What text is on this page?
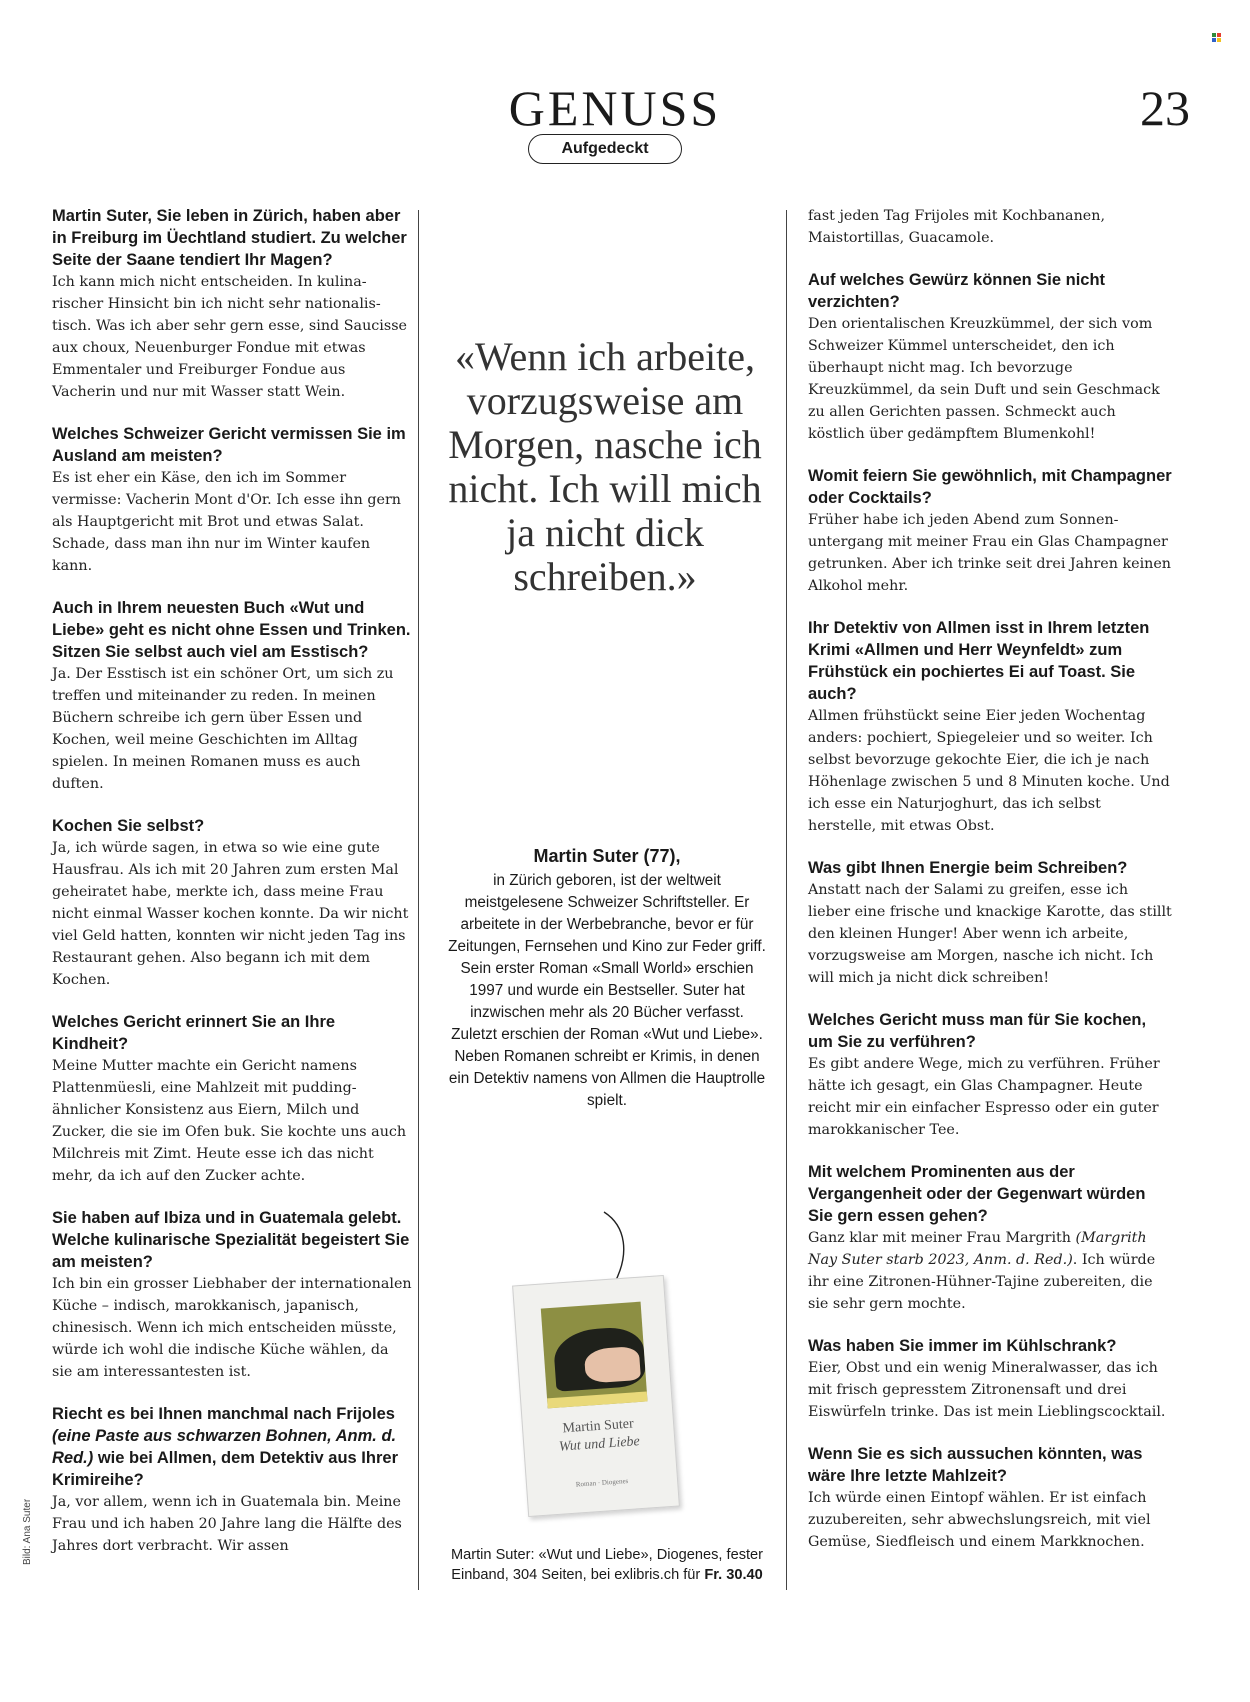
GENUSS
Aufgedeckt
23

Martin Suter, Sie leben in Zürich, haben aber in Freiburg im Üechtland studiert. Zu welcher Seite der Saane tendiert Ihr Magen?

Ich kann mich nicht entscheiden. In kulinarischer Hinsicht bin ich nicht sehr nationalistisch. Was ich aber sehr gern esse, sind Saucisse aux choux, Neuenburger Fondue mit etwas Emmentaler und Freiburger Fondue aus Vacherin und nur mit Wasser statt Wein.

Welches Schweizer Gericht vermissen Sie im Ausland am meisten?

Es ist eher ein Käse, den ich im Sommer vermisse: Vacherin Mont d'Or. Ich esse ihn gern als Hauptgericht mit Brot und etwas Salat. Schade, dass man ihn nur im Winter kaufen kann.

Auch in Ihrem neuesten Buch «Wut und Liebe» geht es nicht ohne Essen und Trinken. Sitzen Sie selbst auch viel am Esstisch?

Ja. Der Esstisch ist ein schöner Ort, um sich zu treffen und miteinander zu reden. In meinen Büchern schreibe ich gern über Essen und Kochen, weil meine Geschichten im Alltag spielen. In meinen Romanen muss es auch duften.

Kochen Sie selbst?

Ja, ich würde sagen, in etwa so wie eine gute Hausfrau. Als ich mit 20 Jahren zum ersten Mal geheiratet habe, merkte ich, dass meine Frau nicht einmal Wasser kochen konnte. Da wir nicht viel Geld hatten, konnten wir nicht jeden Tag ins Restaurant gehen. Also begann ich mit dem Kochen.

Welches Gericht erinnert Sie an Ihre Kindheit?

Meine Mutter machte ein Gericht namens Plattenmüesli, eine Mahlzeit mit puddingähnlicher Konsistenz aus Eiern, Milch und Zucker, die sie im Ofen buk. Sie kochte uns auch Milchreis mit Zimt. Heute esse ich das nicht mehr, da ich auf den Zucker achte.

Sie haben auf Ibiza und in Guatemala gelebt. Welche kulinarische Spezialität begeistert Sie am meisten?

Ich bin ein grosser Liebhaber der internationalen Küche – indisch, marokkanisch, japanisch, chinesisch. Wenn ich mich entscheiden müsste, würde ich wohl die indische Küche wählen, da sie am interessantesten ist.

Riecht es bei Ihnen manchmal nach Frijoles (eine Paste aus schwarzen Bohnen, Anm. d. Red.) wie bei Allmen, dem Detektiv aus Ihrer Krimireihe?

Ja, vor allem, wenn ich in Guatemala bin. Meine Frau und ich haben 20 Jahre lang die Hälfte des Jahres dort verbracht. Wir assen

«Wenn ich arbeite, vorzugsweise am Morgen, nasche ich nicht. Ich will mich ja nicht dick schreiben.»
Martin Suter (77),
in Zürich geboren, ist der weltweit meistgelesene Schweizer Schriftsteller. Er arbeitete in der Werbebranche, bevor er für Zeitungen, Fernsehen und Kino zur Feder griff. Sein erster Roman «Small World» erschien 1997 und wurde ein Bestseller. Suter hat inzwischen mehr als 20 Bücher verfasst. Zuletzt erschien der Roman «Wut und Liebe». Neben Romanen schreibt er Krimis, in denen ein Detektiv namens von Allmen die Hauptrolle spielt.
Martin Suter
Wut und Liebe
Roman · Diogenes
Martin Suter: «Wut und Liebe», Diogenes, fester Einband, 304 Seiten, bei exlibris.ch für Fr. 30.40

fast jeden Tag Frijoles mit Kochbananen, Maistortillas, Guacamole.

Auf welches Gewürz können Sie nicht verzichten?

Den orientalischen Kreuzkümmel, der sich vom Schweizer Kümmel unterscheidet, den ich überhaupt nicht mag. Ich bevorzuge Kreuzkümmel, da sein Duft und sein Geschmack zu allen Gerichten passen. Schmeckt auch köstlich über gedämpftem Blumenkohl!

Womit feiern Sie gewöhnlich, mit Champagner oder Cocktails?

Früher habe ich jeden Abend zum Sonnenuntergang mit meiner Frau ein Glas Champagner getrunken. Aber ich trinke seit drei Jahren keinen Alkohol mehr.

Ihr Detektiv von Allmen isst in Ihrem letzten Krimi «Allmen und Herr Weynfeldt» zum Frühstück ein pochiertes Ei auf Toast. Sie auch?

Allmen frühstückt seine Eier jeden Wochentag anders: pochiert, Spiegeleier und so weiter. Ich selbst bevorzuge gekochte Eier, die ich je nach Höhenlage zwischen 5 und 8 Minuten koche. Und ich esse ein Naturjoghurt, das ich selbst herstelle, mit etwas Obst.

Was gibt Ihnen Energie beim Schreiben?

Anstatt nach der Salami zu greifen, esse ich lieber eine frische und knackige Karotte, das stillt den kleinen Hunger! Aber wenn ich arbeite, vorzugsweise am Morgen, nasche ich nicht. Ich will mich ja nicht dick schreiben!

Welches Gericht muss man für Sie kochen, um Sie zu verführen?

Es gibt andere Wege, mich zu verführen. Früher hätte ich gesagt, ein Glas Champagner. Heute reicht mir ein einfacher Espresso oder ein guter marokkanischer Tee.

Mit welchem Prominenten aus der Vergangenheit oder der Gegenwart würden Sie gern essen gehen?

Ganz klar mit meiner Frau Margrith (Margrith Nay Suter starb 2023, Anm. d. Red.). Ich würde ihr eine Zitronen-Hühner-Tajine zubereiten, die sie sehr gern mochte.

Was haben Sie immer im Kühlschrank?

Eier, Obst und ein wenig Mineralwasser, das ich mit frisch gepresstem Zitronensaft und drei Eiswürfeln trinke. Das ist mein Lieblingscocktail.

Wenn Sie es sich aussuchen könnten, was wäre Ihre letzte Mahlzeit?

Ich würde einen Eintopf wählen. Er ist einfach zuzubereiten, sehr abwechslungsreich, mit viel Gemüse, Siedfleisch und einem Markknochen.

Bild: Ana Suter
